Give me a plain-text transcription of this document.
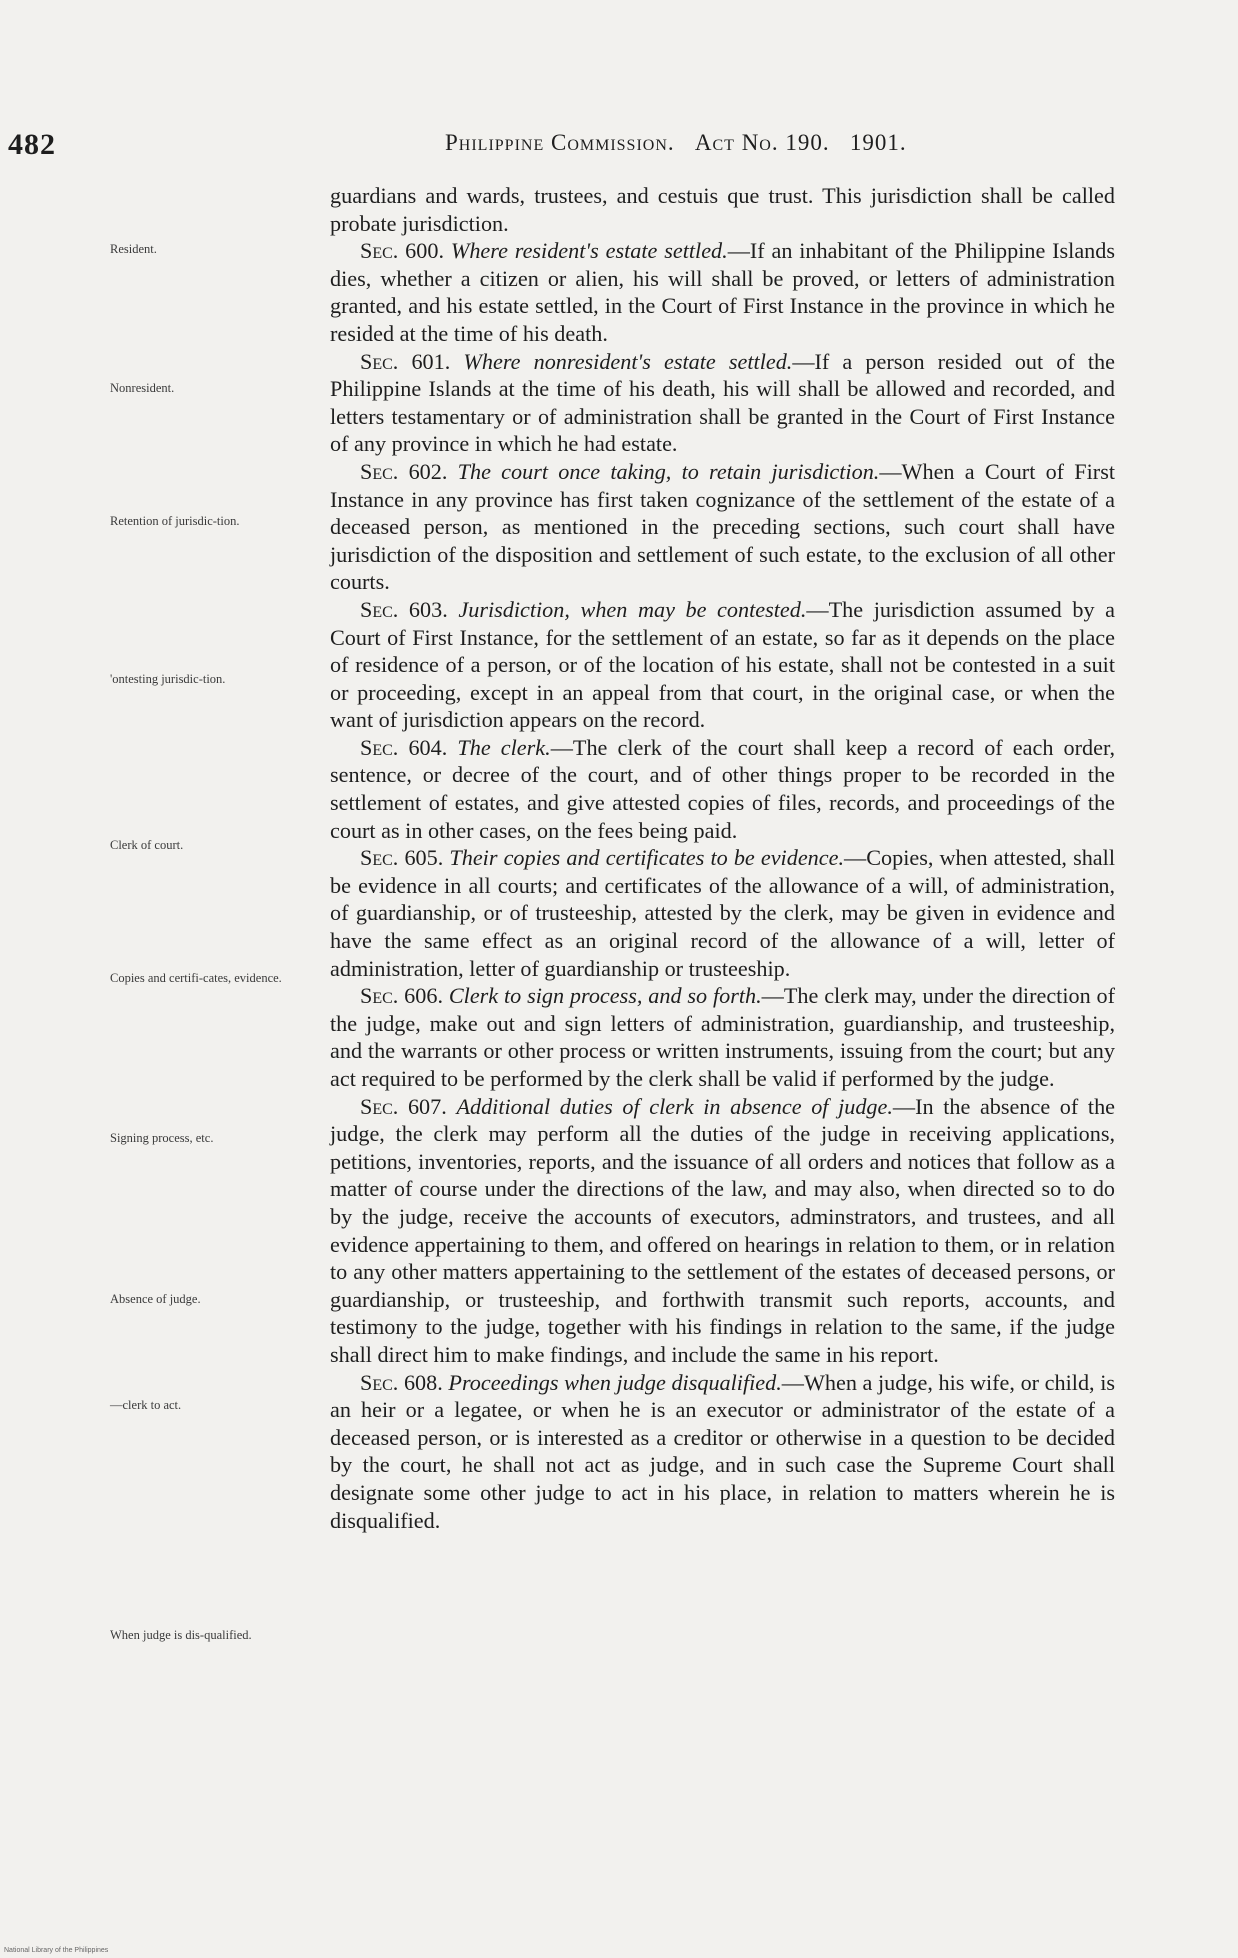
482	Philippine Commission. Act No. 190. 1901.
Resident.
Nonresident.
Retention of jurisdic-tion.
'ontesting jurisdic-tion.
Clerk of court.
Copies and certifi-cates, evidence.
Signing process, etc.
Absence of judge.
—clerk to act.
When judge is dis-qualified.

guardians and wards, trustees, and cestuis que trust. This jurisdiction shall be called probate jurisdiction.

Sec. 600. Where resident's estate settled.—If an inhabitant of the Philippine Islands dies, whether a citizen or alien, his will shall be proved, or letters of administration granted, and his estate settled, in the Court of First Instance in the province in which he resided at the time of his death.

Sec. 601. Where nonresident's estate settled.—If a person resided out of the Philippine Islands at the time of his death, his will shall be allowed and recorded, and letters testamentary or of administration shall be granted in the Court of First Instance of any province in which he had estate.

Sec. 602. The court once taking, to retain jurisdiction.—When a Court of First Instance in any province has first taken cognizance of the settlement of the estate of a deceased person, as mentioned in the preceding sections, such court shall have jurisdiction of the disposition and settlement of such estate, to the exclusion of all other courts.

Sec. 603. Jurisdiction, when may be contested.—The jurisdiction assumed by a Court of First Instance, for the settlement of an estate, so far as it depends on the place of residence of a person, or of the location of his estate, shall not be contested in a suit or proceeding, except in an appeal from that court, in the original case, or when the want of jurisdiction appears on the record.

Sec. 604. The clerk.—The clerk of the court shall keep a record of each order, sentence, or decree of the court, and of other things proper to be recorded in the settlement of estates, and give attested copies of files, records, and proceedings of the court as in other cases, on the fees being paid.

Sec. 605. Their copies and certificates to be evidence.—Copies, when attested, shall be evidence in all courts; and certificates of the allowance of a will, of administration, of guardianship, or of trusteeship, attested by the clerk, may be given in evidence and have the same effect as an original record of the allowance of a will, letter of administration, letter of guardianship or trusteeship.

Sec. 606. Clerk to sign process, and so forth.—The clerk may, under the direction of the judge, make out and sign letters of administration, guardianship, and trusteeship, and the warrants or other process or written instruments, issuing from the court; but any act required to be performed by the clerk shall be valid if performed by the judge.

Sec. 607. Additional duties of clerk in absence of judge.—In the absence of the judge, the clerk may perform all the duties of the judge in receiving applications, petitions, inventories, reports, and the issuance of all orders and notices that follow as a matter of course under the directions of the law, and may also, when directed so to do by the judge, receive the accounts of executors, adminstrators, and trustees, and all evidence appertaining to them, and offered on hearings in relation to them, or in relation to any other matters appertaining to the settlement of the estates of deceased persons, or guardianship, or trusteeship, and forthwith transmit such reports, accounts, and testimony to the judge, together with his findings in relation to the same, if the judge shall direct him to make findings, and include the same in his report.

Sec. 608. Proceedings when judge disqualified.—When a judge, his wife, or child, is an heir or a legatee, or when he is an executor or administrator of the estate of a deceased person, or is interested as a creditor or otherwise in a question to be decided by the court, he shall not act as judge, and in such case the Supreme Court shall designate some other judge to act in his place, in relation to matters wherein he is disqualified.

National Library of the Philippines
